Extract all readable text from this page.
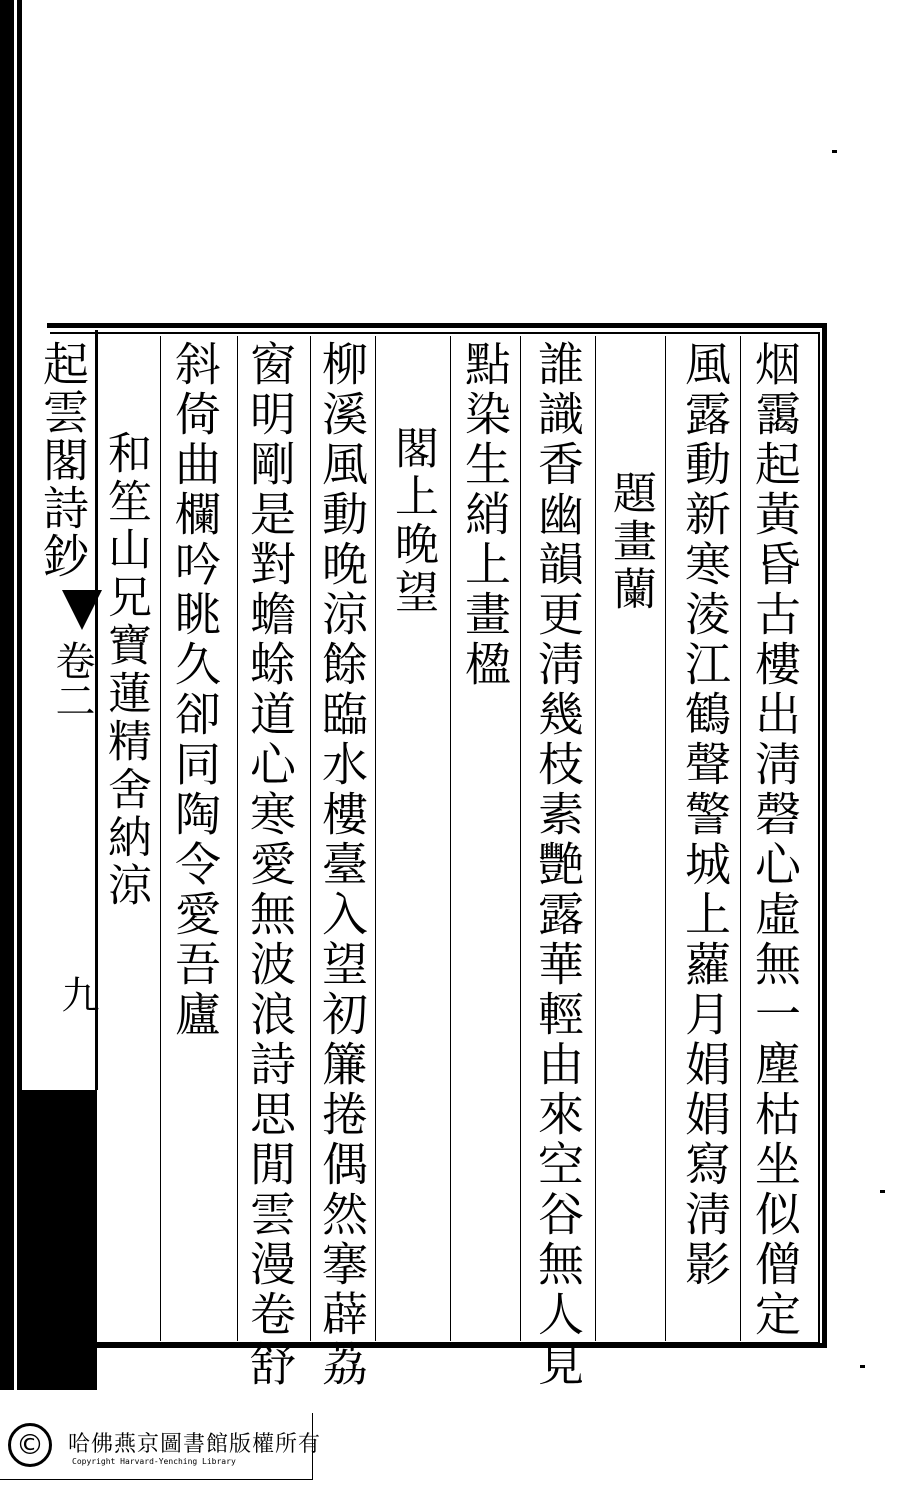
烟靄起黃昏古樓出淸磬心虛無一塵枯坐似僧定
風露動新寒淩江鶴聲警城上蘿月娟娟寫淸影
題畫蘭
誰識香幽韻更淸幾枝素艷露華輕由來空谷無人見
點染生綃上畫楹
閣上晚望
柳溪風動晚涼餘臨水樓臺入望初簾捲偶然搴薜荔
窗明剛是對蟾蜍道心寒愛無波浪詩思閒雲漫卷舒
斜倚曲欄吟眺久卻同陶令愛吾廬
和笙山兄寶蓮精舍納涼
起雲閣詩鈔
卷二
九
©	哈佛燕京圖書館版權所有
Copyright Harvard-Yenching Library
